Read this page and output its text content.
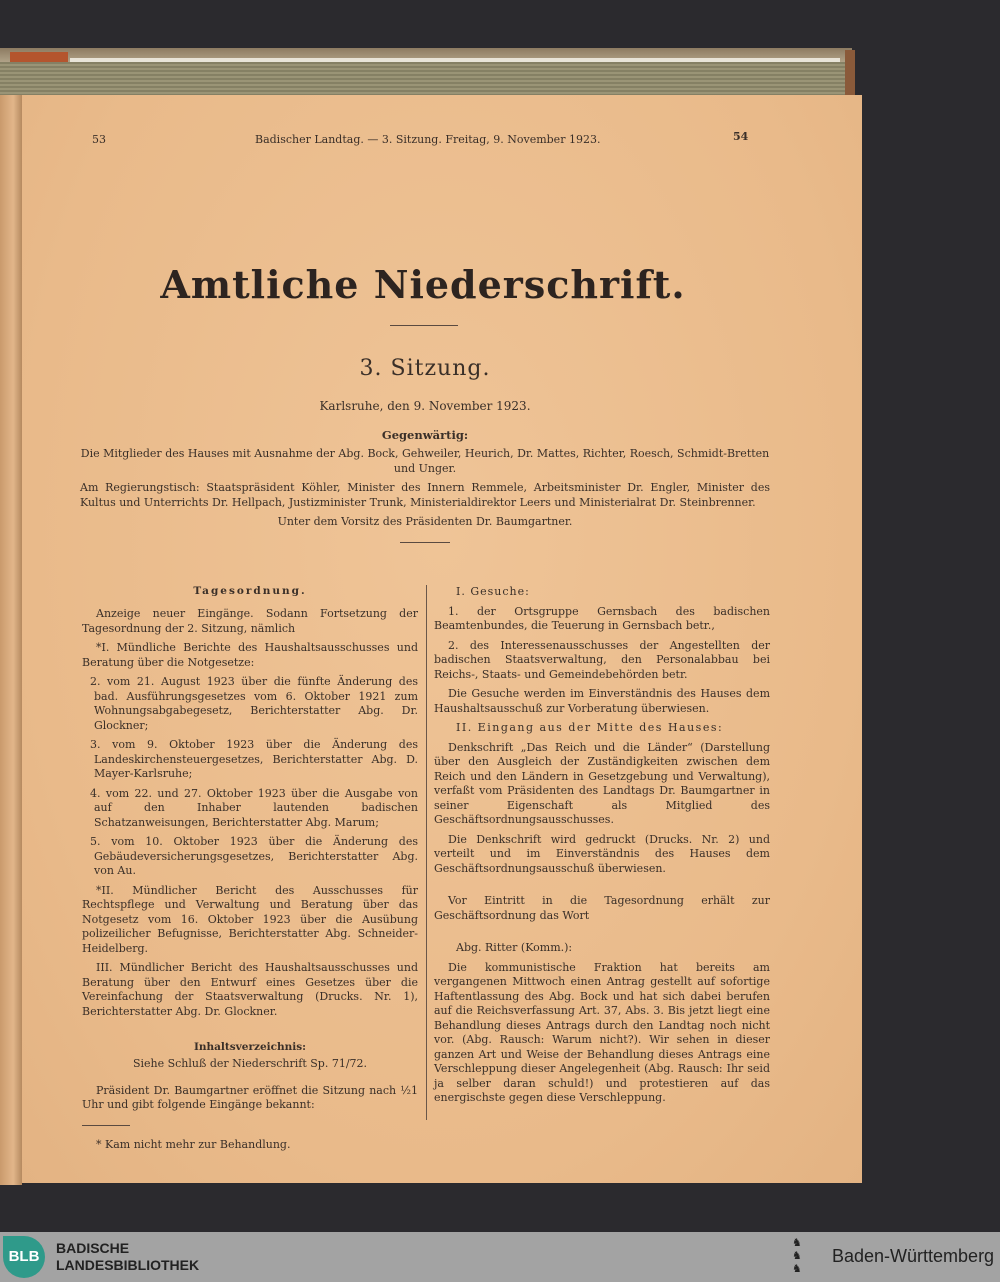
53	Badischer Landtag. — 3. Sitzung. Freitag, 9. November 1923.	54
Amtliche Niederschrift.
3. Sitzung.
Karlsruhe, den 9. November 1923.
Gegenwärtig:

Die Mitglieder des Hauses mit Ausnahme der Abg. Bock, Gehweiler, Heurich, Dr. Mattes, Richter, Roesch, Schmidt-Bretten und Unger.

Am Regierungstisch: Staatspräsident Köhler, Minister des Innern Remmele, Arbeitsminister Dr. Engler, Minister des Kultus und Unterrichts Dr. Hellpach, Justizminister Trunk, Ministerialdirektor Leers und Ministerialrat Dr. Steinbrenner.

Unter dem Vorsitz des Präsidenten Dr. Baumgartner.

Tagesordnung.

Anzeige neuer Eingänge. Sodann Fortsetzung der Tagesordnung der 2. Sitzung, nämlich

*I. Mündliche Berichte des Haushaltsausschusses und Beratung über die Notgesetze:

2. vom 21. August 1923 über die fünfte Änderung des bad. Ausführungsgesetzes vom 6. Oktober 1921 zum Wohnungsabgabegesetz, Berichterstatter Abg. Dr. Glockner;

3. vom 9. Oktober 1923 über die Änderung des Landeskirchensteuergesetzes, Berichterstatter Abg. D. Mayer-Karlsruhe;

4. vom 22. und 27. Oktober 1923 über die Ausgabe von auf den Inhaber lautenden badischen Schatzanweisungen, Berichterstatter Abg. Marum;

5. vom 10. Oktober 1923 über die Änderung des Gebäudeversicherungsgesetzes, Berichterstatter Abg. von Au.

*II. Mündlicher Bericht des Ausschusses für Rechtspflege und Verwaltung und Beratung über das Notgesetz vom 16. Oktober 1923 über die Ausübung polizeilicher Befugnisse, Berichterstatter Abg. Schneider-Heidelberg.

III. Mündlicher Bericht des Haushaltsausschusses und Beratung über den Entwurf eines Gesetzes über die Vereinfachung der Staatsverwaltung (Drucks. Nr. 1), Berichterstatter Abg. Dr. Glockner.

Inhaltsverzeichnis:

Siehe Schluß der Niederschrift Sp. 71/72.

Präsident Dr. Baumgartner eröffnet die Sitzung nach ½1 Uhr und gibt folgende Eingänge bekannt:

* Kam nicht mehr zur Behandlung.

I. Gesuche:

1. der Ortsgruppe Gernsbach des badischen Beamtenbundes, die Teuerung in Gernsbach betr.,

2. des Interessenausschusses der Angestellten der badischen Staatsverwaltung, den Personalabbau bei Reichs-, Staats- und Gemeindebehörden betr.

Die Gesuche werden im Einverständnis des Hauses dem Haushaltsausschuß zur Vorberatung überwiesen.

II. Eingang aus der Mitte des Hauses:

Denkschrift „Das Reich und die Länder“ (Darstellung über den Ausgleich der Zuständigkeiten zwischen dem Reich und den Ländern in Gesetzgebung und Verwaltung), verfaßt vom Präsidenten des Landtags Dr. Baumgartner in seiner Eigenschaft als Mitglied des Geschäftsordnungsausschusses.

Die Denkschrift wird gedruckt (Drucks. Nr. 2) und verteilt und im Einverständnis des Hauses dem Geschäftsordnungsausschuß überwiesen.

Vor Eintritt in die Tagesordnung erhält zur Geschäftsordnung das Wort

Abg. Ritter (Komm.):

Die kommunistische Fraktion hat bereits am vergangenen Mittwoch einen Antrag gestellt auf sofortige Haftentlassung des Abg. Bock und hat sich dabei berufen auf die Reichsverfassung Art. 37, Abs. 3. Bis jetzt liegt eine Behandlung dieses Antrags durch den Landtag noch nicht vor. (Abg. Rausch: Warum nicht?). Wir sehen in dieser ganzen Art und Weise der Behandlung dieses Antrags eine Verschleppung dieser Angelegenheit (Abg. Rausch: Ihr seid ja selber daran schuld!) und protestieren auf das energischste gegen diese Verschleppung.

BLB	BADISCHE
LANDESBIBLIOTHEK
♞
♞
♞
Baden-Württemberg
